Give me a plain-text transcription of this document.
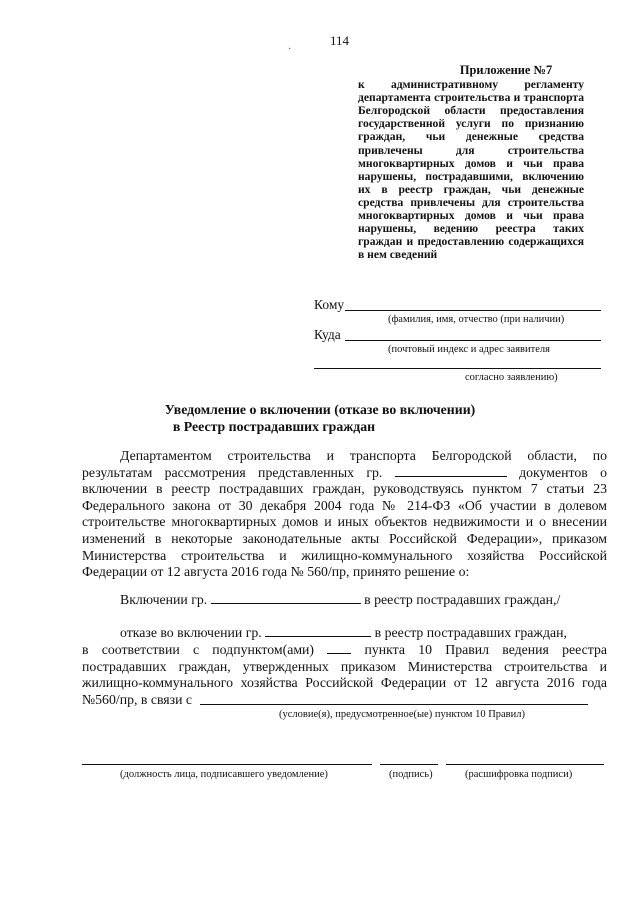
114
·
Приложение №7
к административному регламенту
департамента строительства и транспорта
Белгородской области предоставления
государственной услуги по признанию
граждан, чьи денежные средства
привлечены для строительства
многоквартирных домов и чьи права
нарушены, пострадавшими, включению
их в реестр граждан, чьи денежные
средства привлечены для строительства
многоквартирных домов и чьи права
нарушены, ведению реестра таких
граждан и предоставлению содержащихся
в нем сведений
Кому
(фамилия, имя, отчество (при наличии)
Куда
(почтовый индекс и адрес заявителя
согласно заявлению)
Уведомление о включении (отказе во включении)
в Реестр пострадавших граждан
Департаментом строительства и транспорта Белгородской области, по
результатам рассмотрения представленных гр.	документов о
включении в реестр пострадавших граждан, руководствуясь пунктом 7 статьи 23
Федерального закона от 30 декабря 2004 года № 214-ФЗ «Об участии в долевом
строительстве многоквартирных домов и иных объектов недвижимости и о внесении
изменений в некоторые законодательные акты Российской Федерации», приказом
Министерства строительства и жилищно-коммунального хозяйства Российской
Федерации от 12 августа 2016 года № 560/пр, принято решение о:
Включении гр.	в реестр пострадавших граждан,/
отказе во включении гр.	в реестр пострадавших граждан,
в соответствии с подпунктом(ами)	пункта 10 Правил ведения реестра
пострадавших граждан, утвержденных приказом Министерства строительства и
жилищно-коммунального хозяйства Российской Федерации от 12 августа 2016 года
№560/пр, в связи с
(условие(я), предусмотренное(ые) пунктом 10 Правил)
(должность лица, подписавшего уведомление)	(подпись)	(расшифровка подписи)
